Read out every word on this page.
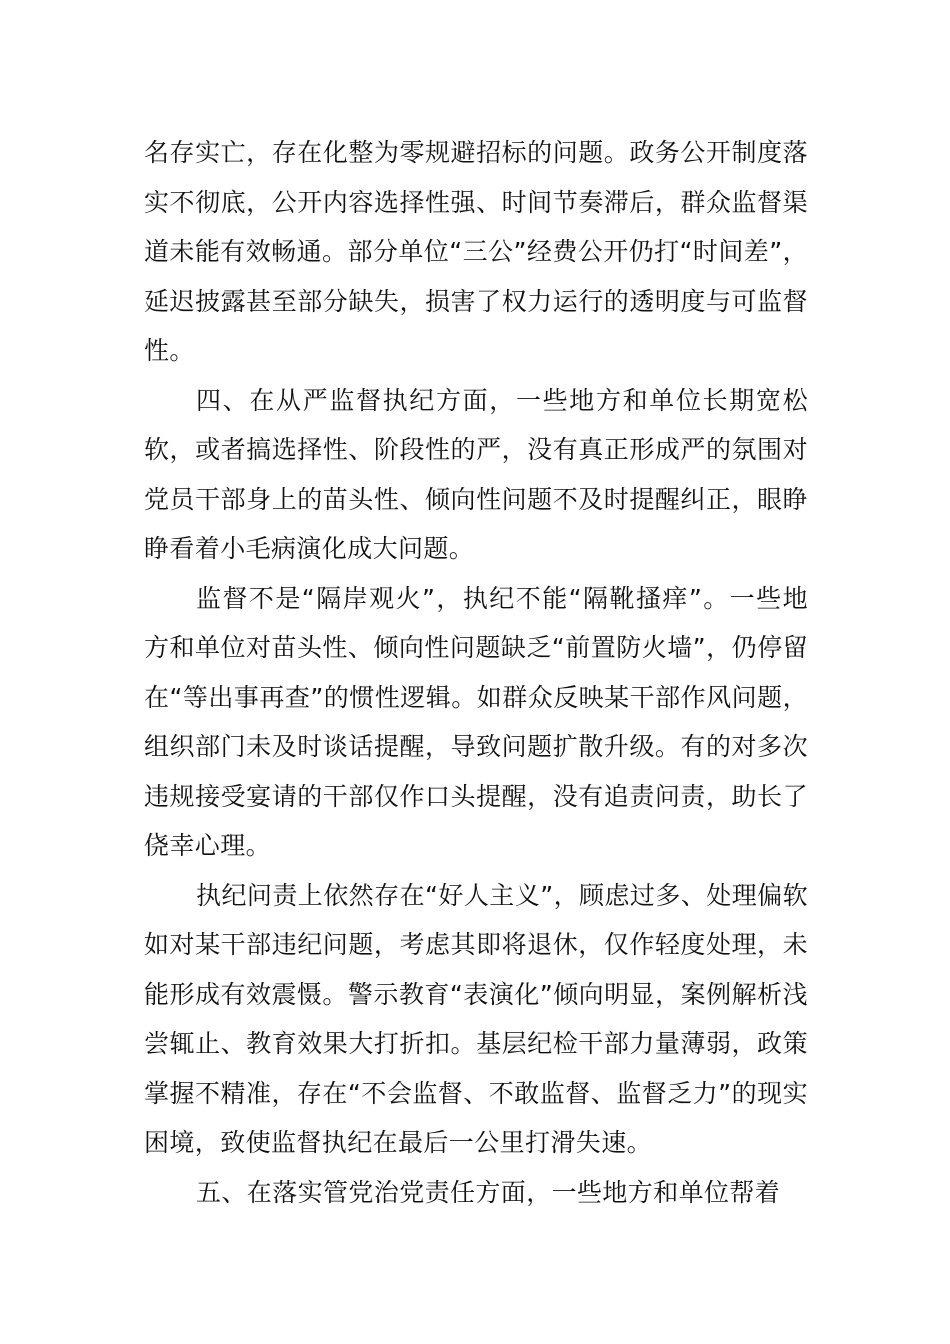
名存实亡，存在化整为零规避招标的问题。政务公开制度落实不彻底，公开内容选择性强、时间节奏滞后，群众监督渠道未能有效畅通。部分单位“三公”经费公开仍打“时间差”，延迟披露甚至部分缺失，损害了权力运行的透明度与可监督性。

四、在从严监督执纪方面，一些地方和单位长期宽松软，或者搞选择性、阶段性的严，没有真正形成严的氛围对党员干部身上的苗头性、倾向性问题不及时提醒纠正，眼睁睁看着小毛病演化成大问题。

监督不是“隔岸观火”，执纪不能“隔靴搔痒”。一些地方和单位对苗头性、倾向性问题缺乏“前置防火墙”，仍停留在“等出事再查”的惯性逻辑。如群众反映某干部作风问题，组织部门未及时谈话提醒，导致问题扩散升级。有的对多次违规接受宴请的干部仅作口头提醒，没有追责问责，助长了侥幸心理。

执纪问责上依然存在“好人主义”，顾虑过多、处理偏软如对某干部违纪问题，考虑其即将退休，仅作轻度处理，未能形成有效震慑。警示教育“表演化”倾向明显，案例解析浅尝辄止、教育效果大打折扣。基层纪检干部力量薄弱，政策掌握不精准，存在“不会监督、不敢监督、监督乏力”的现实困境，致使监督执纪在最后一公里打滑失速。

五、在落实管党治党责任方面，一些地方和单位帮着
